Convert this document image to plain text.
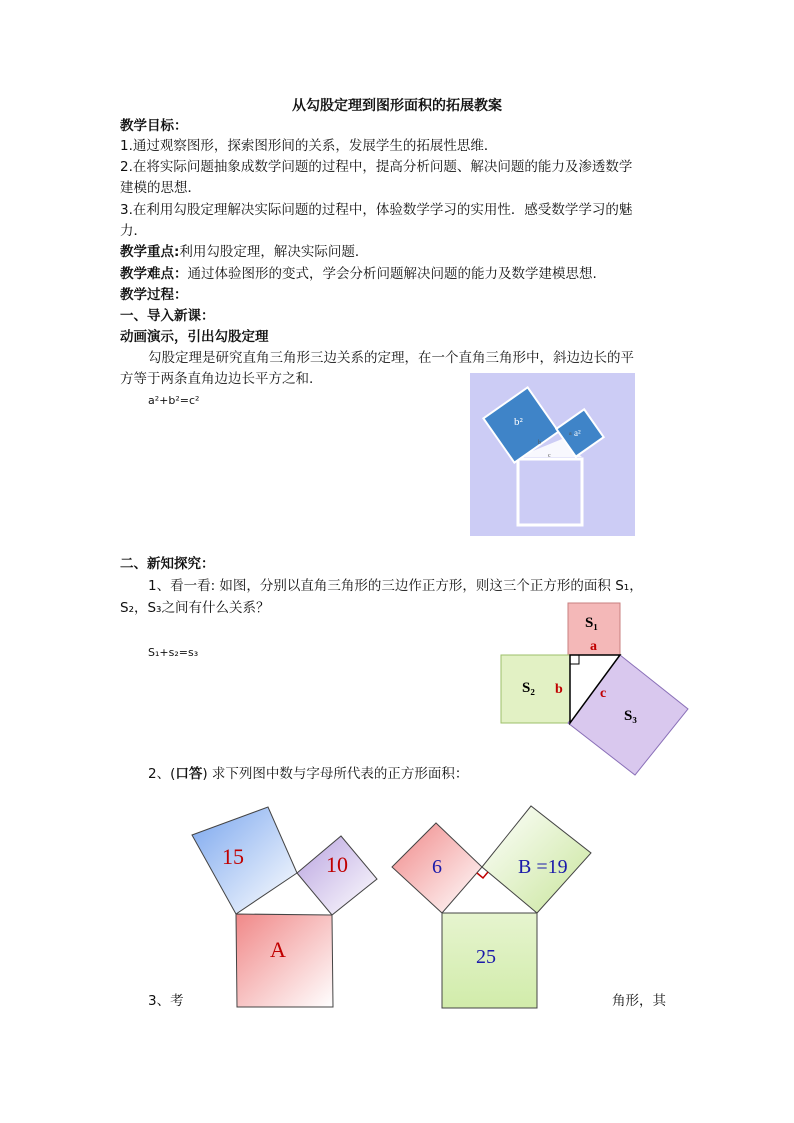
从勾股定理到图形面积的拓展教案
教学目标：
1.通过观察图形，探索图形间的关系，发展学生的拓展性思维．
2.在将实际问题抽象成数学问题的过程中，提高分析问题、解决问题的能力及渗透数学
建模的思想．
3.在利用勾股定理解决实际问题的过程中，体验数学学习的实用性．感受数学学习的魅
力．
教学重点:利用勾股定理，解决实际问题．
教学难点：通过体验图形的变式，学会分析问题解决问题的能力及数学建模思想.
教学过程：
一、导入新课：
动画演示，引出勾股定理
勾股定理是研究直角三角形三边关系的定理，在一个直角三角形中，斜边边长的平
方等于两条直角边边长平方之和.
a²+b²=c²
b²
a²
b
a
c
二、新知探究：
1、看一看: 如图，分别以直角三角形的三边作正方形，则这三个正方形的面积 S₁，
S₂，S₃之间有什么关系？
S₁+s₂=s₃
S₁
S₂
S₃
a
b	c
2、(口答) 求下列图中数与字母所代表的正方形面积：
15	10
A
6	B =19
25
3、考	角形，其
